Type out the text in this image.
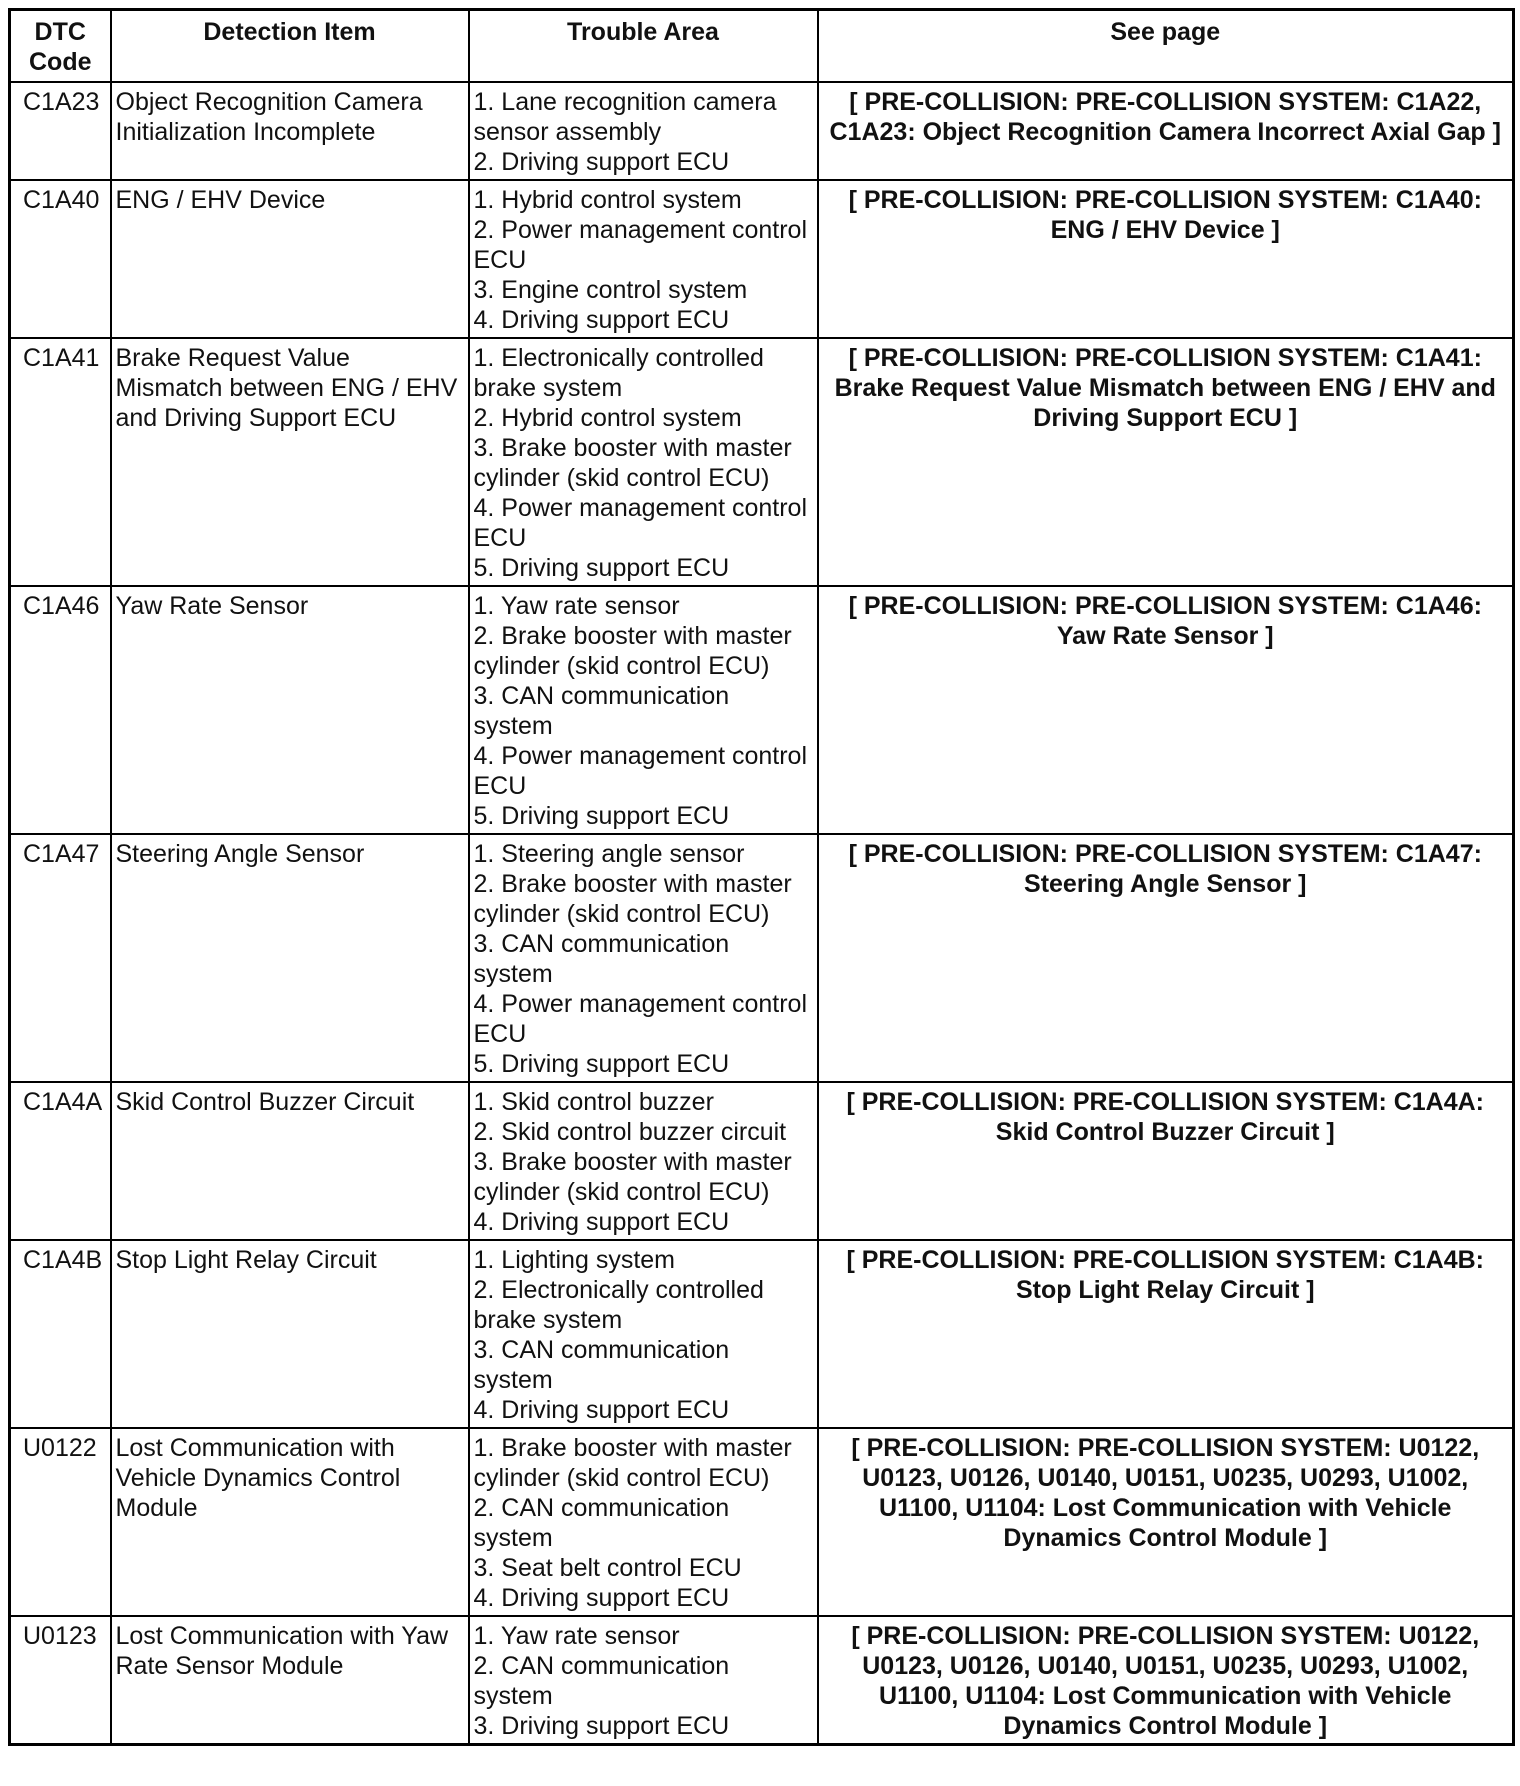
DTC Code	Detection Item	Trouble Area	See page
C1A23	Object Recognition Camera Initialization Incomplete	1. Lane recognition camera sensor assembly
2. Driving support ECU	[ PRE-COLLISION: PRE-COLLISION SYSTEM: C1A22, C1A23: Object Recognition Camera Incorrect Axial Gap ]
C1A40	ENG / EHV Device	1. Hybrid control system
2. Power management control ECU
3. Engine control system
4. Driving support ECU	[ PRE-COLLISION: PRE-COLLISION SYSTEM: C1A40: ENG / EHV Device ]
C1A41	Brake Request Value Mismatch between ENG / EHV and Driving Support ECU	1. Electronically controlled brake system
2. Hybrid control system
3. Brake booster with master cylinder (skid control ECU)
4. Power management control ECU
5. Driving support ECU	[ PRE-COLLISION: PRE-COLLISION SYSTEM: C1A41: Brake Request Value Mismatch between ENG / EHV and Driving Support ECU ]
C1A46	Yaw Rate Sensor	1. Yaw rate sensor
2. Brake booster with master cylinder (skid control ECU)
3. CAN communication system
4. Power management control ECU
5. Driving support ECU	[ PRE-COLLISION: PRE-COLLISION SYSTEM: C1A46: Yaw Rate Sensor ]
C1A47	Steering Angle Sensor	1. Steering angle sensor
2. Brake booster with master cylinder (skid control ECU)
3. CAN communication system
4. Power management control ECU
5. Driving support ECU	[ PRE-COLLISION: PRE-COLLISION SYSTEM: C1A47: Steering Angle Sensor ]
C1A4A	Skid Control Buzzer Circuit	1. Skid control buzzer
2. Skid control buzzer circuit
3. Brake booster with master cylinder (skid control ECU)
4. Driving support ECU	[ PRE-COLLISION: PRE-COLLISION SYSTEM: C1A4A: Skid Control Buzzer Circuit ]
C1A4B	Stop Light Relay Circuit	1. Lighting system
2. Electronically controlled brake system
3. CAN communication system
4. Driving support ECU	[ PRE-COLLISION: PRE-COLLISION SYSTEM: C1A4B: Stop Light Relay Circuit ]
U0122	Lost Communication with Vehicle Dynamics Control Module	1. Brake booster with master cylinder (skid control ECU)
2. CAN communication system
3. Seat belt control ECU
4. Driving support ECU	[ PRE-COLLISION: PRE-COLLISION SYSTEM: U0122, U0123, U0126, U0140, U0151, U0235, U0293, U1002, U1100, U1104: Lost Communication with Vehicle Dynamics Control Module ]
U0123	Lost Communication with Yaw Rate Sensor Module	1. Yaw rate sensor
2. CAN communication system
3. Driving support ECU	[ PRE-COLLISION: PRE-COLLISION SYSTEM: U0122, U0123, U0126, U0140, U0151, U0235, U0293, U1002, U1100, U1104: Lost Communication with Vehicle Dynamics Control Module ]
